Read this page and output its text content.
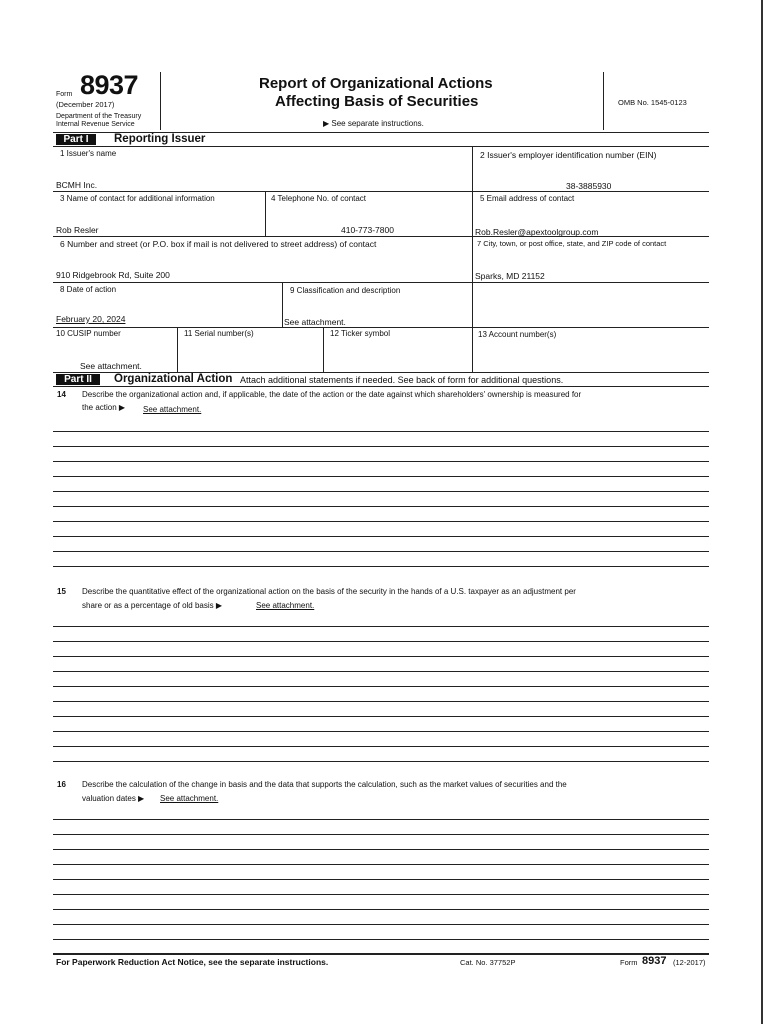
Form 8937
(December 2017)
Department of the Treasury
Internal Revenue Service
Report of Organizational Actions
Affecting Basis of Securities
▶ See separate instructions.
OMB No. 1545-0123
Part I	Reporting Issuer
1 Issuer's name
BCMH Inc.
2 Issuer's employer identification number (EIN)
38-3885930
3 Name of contact for additional information
Rob Resler
4 Telephone No. of contact
410-773-7800
5 Email address of contact
Rob.Resler@apextoolgroup.com
6 Number and street (or P.O. box if mail is not delivered to street address) of contact
910 Ridgebrook Rd, Suite 200
7 City, town, or post office, state, and ZIP code of contact
Sparks, MD 21152
8 Date of action
February 20, 2024
9 Classification and description
See attachment.
10 CUSIP number
See attachment.
11 Serial number(s)	12 Ticker symbol	13 Account number(s)
Part II	Organizational Action Attach additional statements if needed. See back of form for additional questions.
14 Describe the organizational action and, if applicable, the date of the action or the date against which shareholders' ownership is measured for
the action ▶ See attachment.
15 Describe the quantitative effect of the organizational action on the basis of the security in the hands of a U.S. taxpayer as an adjustment per
share or as a percentage of old basis ▶	See attachment.
16 Describe the calculation of the change in basis and the data that supports the calculation, such as the market values of securities and the
valuation dates ▶ See attachment.
For Paperwork Reduction Act Notice, see the separate instructions.	Cat. No. 37752P	Form 8937 (12-2017)
